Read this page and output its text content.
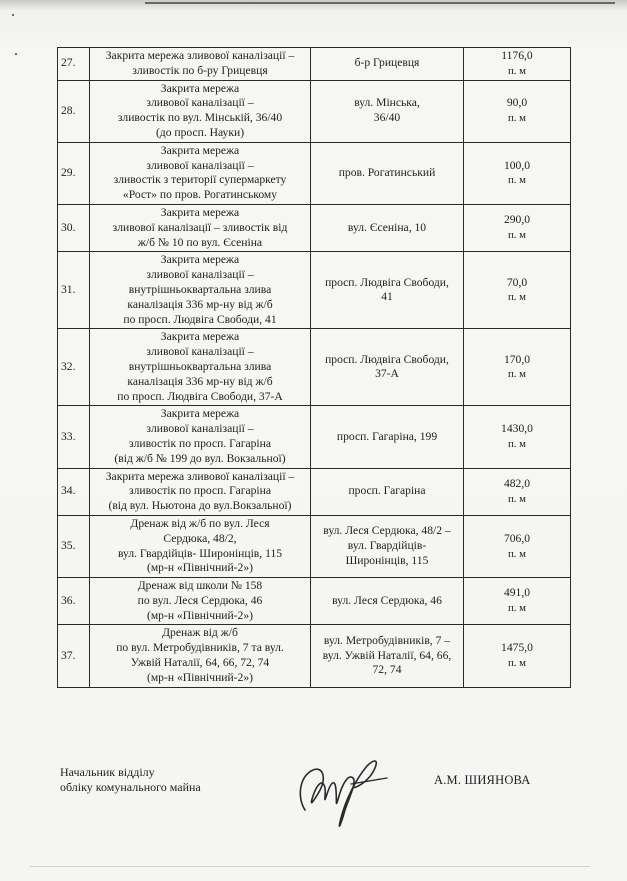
27.	Закрита мережа зливової каналізації –
зливостік по б-ру Грицевця	б-р Грицевця	1176,0
п. м

28.	Закрита мережа
зливової каналізації –
зливостік по вул. Мінській, 36/40
(до просп. Науки)	вул. Мінська,
36/40	90,0
п. м

29.	Закрита мережа
зливової каналізації –
зливостік з території супермаркету
«Рост» по пров. Рогатинському	пров. Рогатинський	100,0
п. м

30.	Закрита мережа
зливової каналізації – зливостік від
ж/б № 10 по вул. Єсеніна	вул. Єсеніна, 10	290,0
п. м

31.	Закрита мережа
зливової каналізації –
внутрішньоквартальна злива
каналізація 336 мр-ну від ж/б
по просп. Людвіга Свободи, 41	просп. Людвіга Свободи,
41	70,0
п. м

32.	Закрита мережа
зливової каналізації –
внутрішньоквартальна злива
каналізація 336 мр-ну від ж/б
по просп. Людвіга Свободи, 37-А	просп. Людвіга Свободи,
37-А	170,0
п. м

33.	Закрита мережа
зливової каналізації –
зливостік по просп. Гагаріна
(від ж/б № 199 до вул. Вокзальної)	просп. Гагаріна, 199	1430,0
п. м

34.	Закрита мережа зливової каналізації –
зливостік по просп. Гагаріна
(від вул. Ньютона до вул.Вокзальної)	просп. Гагаріна	482,0
п. м

35.	Дренаж від ж/б по вул. Леся
Сердюка, 48/2,
вул. Гвардійців- Широнінців, 115
(мр-н «Північний-2»)	вул. Леся Сердюка, 48/2 –
вул. Гвардійців-
Широнінців, 115	706,0
п. м

36.	Дренаж від школи № 158
по вул. Леся Сердюка, 46
(мр-н «Північний-2»)	вул. Леся Сердюка, 46	491,0
п. м

37.	Дренаж від ж/б
по вул. Метробудівників, 7 та вул.
Ужвій Наталії, 64, 66, 72, 74
(мр-н «Північний-2»)	вул. Метробудівників, 7 –
вул. Ужвій Наталії, 64, 66,
72, 74	1475,0
п. м
Начальник відділу
обліку комунального майна	А.М. ШИЯНОВА
